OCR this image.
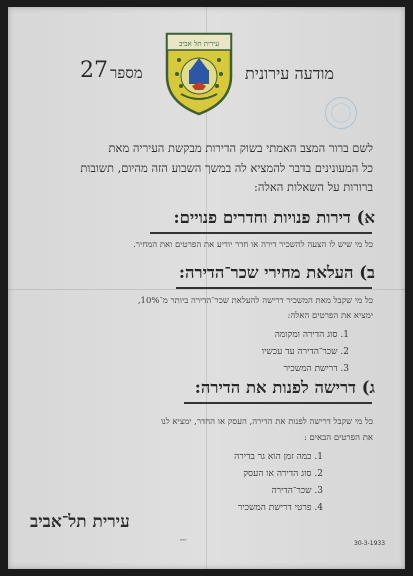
עירית תל אביב
27 מספר	מודעה עירונית
לשם ברור המצב האמתי בשוק הדירות מבקשת העיריה מאת
כל המעונינים בדבר להמציא לה במשך השבוע הזה מהיום, תשובות
ברורות על השאלות האלה:
א) דירות פנויות וחדרים פנויים:
כל מי שיש לו הצעה להשכיר דירה או חדר יודיע את הפרטים ואת המחיר.
ב) העלאת מחירי שכר־הדירה:
כל מי שקבל מאת המשכיר דרישה להעלאת שכר־הדירה ביותר מ־10%,
ימציא את הפרטים האלה:
1. סוג הדירה ומקומה
2. שכר־הדירה עד עכשיו
3. דרישת המשכיר
ג) דרישה לפנות את הדירה:
כל מי שקבל דרישה לפנות את הדירה, העסק או החדר, ימציא לנו
את הפרטים הבאים :
1. כמה זמן הוא גר בדירה
2. סוג הדירה או העסק
3. שכר־הדירה
4. פרטי דרישת המשכיר
עירית תל־אביב
דפוס	30-3-1933
